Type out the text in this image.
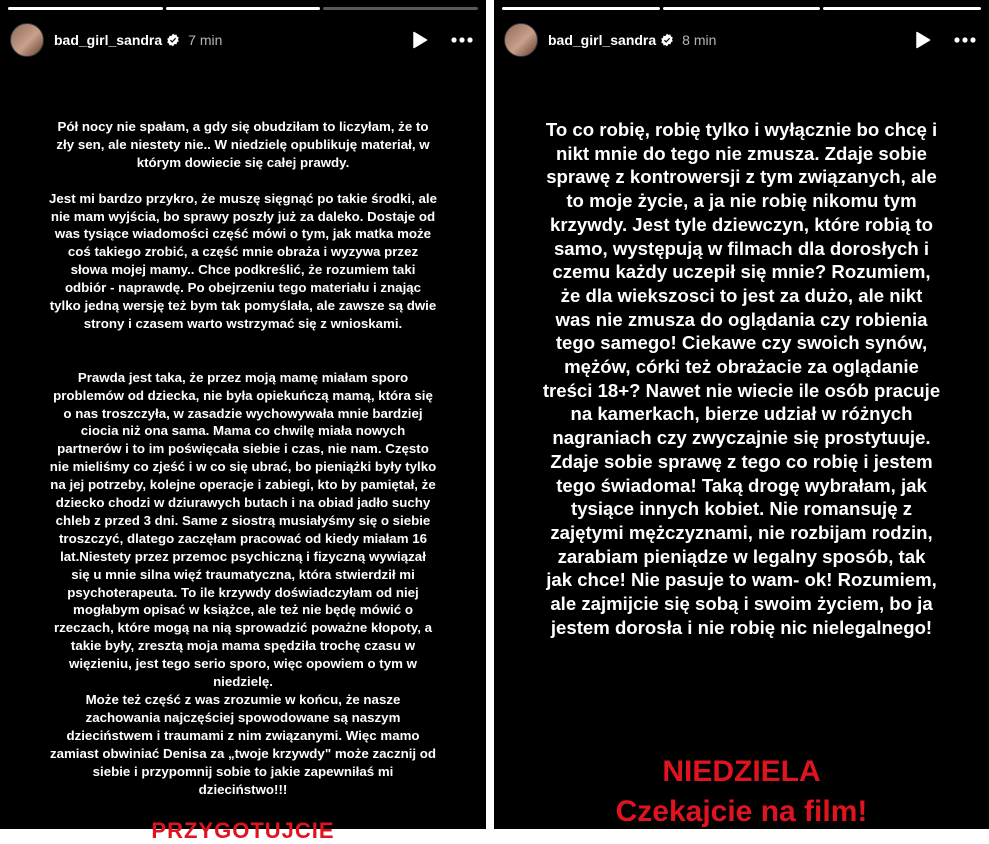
bad_girl_sandra 7 min
Pół nocy nie spałam, a gdy się obudziłam to liczyłam, że to
zły sen, ale niestety nie.. W niedzielę opublikuję materiał, w
którym dowiecie się całej prawdy.

Jest mi bardzo przykro, że muszę sięgnąć po takie środki, ale
nie mam wyjścia, bo sprawy poszły już za daleko. Dostaje od
was tysiące wiadomości część mówi o tym, jak matka może
coś takiego zrobić, a część mnie obraża i wyzywa przez
słowa mojej mamy.. Chce podkreślić, że rozumiem taki
odbiór - naprawdę. Po obejrzeniu tego materiału i znając
tylko jedną wersję też bym tak pomyślała, ale zawsze są dwie
strony i czasem warto wstrzymać się z wnioskami.

Prawda jest taka, że przez moją mamę miałam sporo
problemów od dziecka, nie była opiekuńczą mamą, która się
o nas troszczyła, w zasadzie wychowywała mnie bardziej
ciocia niż ona sama. Mama co chwilę miała nowych
partnerów i to im poświęcała siebie i czas, nie nam. Często
nie mieliśmy co zjeść i w co się ubrać, bo pieniążki były tylko
na jej potrzeby, kolejne operacje i zabiegi, kto by pamiętał, że
dziecko chodzi w dziurawych butach i na obiad jadło suchy
chleb z przed 3 dni. Same z siostrą musiałyśmy się o siebie
troszczyć, dlatego zaczęłam pracować od kiedy miałam 16
lat.Niestety przez przemoc psychiczną i fizyczną wywiązał
się u mnie silna więź traumatyczna, która stwierdził mi
psychoterapeuta. To ile krzywdy doświadczyłam od niej
mogłabym opisać w książce, ale też nie będę mówić o
rzeczach, które mogą na nią sprowadzić poważne kłopoty, a
takie były, zresztą moja mama spędziła trochę czasu w
więzieniu, jest tego serio sporo, więc opowiem o tym w
niedzielę.
Może też część z was zrozumie w końcu, że nasze
zachowania najczęściej spowodowane są naszym
dzieciństwem i traumami z nim związanymi. Więc mamo
zamiast obwiniać Denisa za „twoje krzywdy" może zacznij od
siebie i przypomnij sobie to jakie zapewniłaś mi
dzieciństwo!!!
PRZYGOTUJCIE
bad_girl_sandra 8 min
To co robię, robię tylko i wyłącznie bo chcę i
nikt mnie do tego nie zmusza. Zdaje sobie
sprawę z kontrowersji z tym związanych, ale
to moje życie, a ja nie robię nikomu tym
krzywdy. Jest tyle dziewczyn, które robią to
samo, występują w filmach dla dorosłych i
czemu każdy uczepił się mnie? Rozumiem,
że dla wiekszosci to jest za dużo, ale nikt
was nie zmusza do oglądania czy robienia
tego samego! Ciekawe czy swoich synów,
mężów, córki też obrażacie za oglądanie
treści 18+? Nawet nie wiecie ile osób pracuje
na kamerkach, bierze udział w różnych
nagraniach czy zwyczajnie się prostytuuje.
Zdaje sobie sprawę z tego co robię i jestem
tego świadoma! Taką drogę wybrałam, jak
tysiące innych kobiet. Nie romansuję z
zajętymi mężczyznami, nie rozbijam rodzin,
zarabiam pieniądze w legalny sposób, tak
jak chce! Nie pasuje to wam- ok! Rozumiem,
ale zajmijcie się sobą i swoim życiem, bo ja
jestem dorosła i nie robię nic nielegalnego!
NIEDZIELA
Czekajcie na film!
